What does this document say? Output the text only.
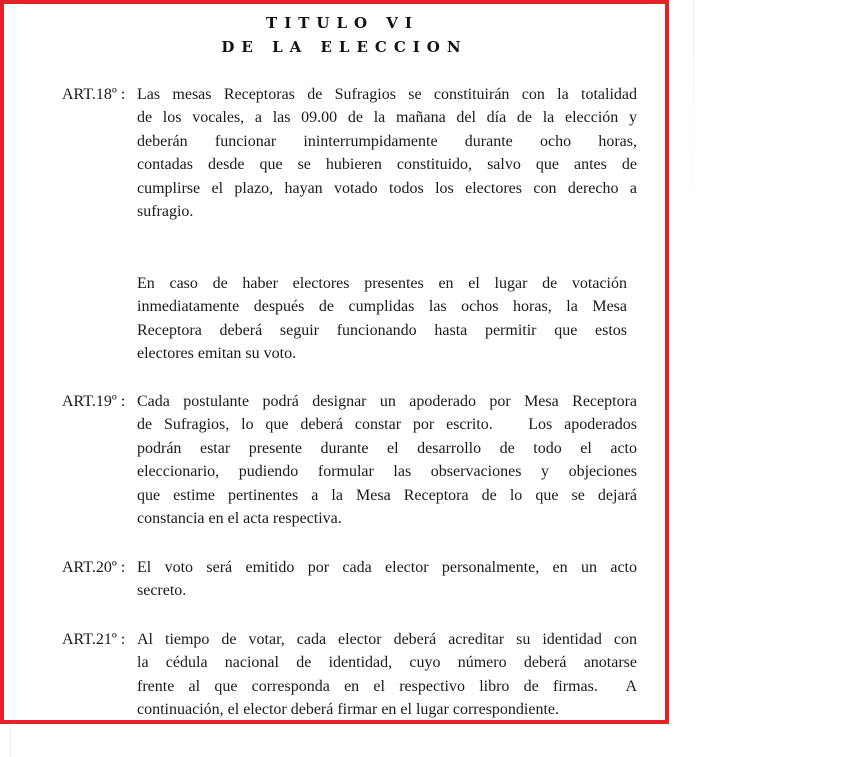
TITULO VI
DE LA ELECCION
ART.18º : Las mesas Receptoras de Sufragios se constituirán con la totalidad
de los vocales, a las 09.00 de la mañana del día de la elección y
deberán funcionar ininterrumpidamente durante ocho horas,
contadas desde que se hubieren constituido, salvo que antes de
cumplirse el plazo, hayan votado todos los electores con derecho a
sufragio.
En caso de haber electores presentes en el lugar de votación
inmediatamente después de cumplidas las ochos horas, la Mesa
Receptora deberá seguir funcionando hasta permitir que estos
electores emitan su voto.
ART.19º : Cada postulante podrá designar un apoderado por Mesa Receptora
de Sufragios, lo que deberá constar por escrito.   Los apoderados
podrán estar presente durante el desarrollo de todo el acto
eleccionario, pudiendo formular las observaciones y objeciones
que estime pertinentes a la Mesa Receptora de lo que se dejará
constancia en el acta respectiva.
ART.20º : El voto será emitido por cada elector personalmente, en un acto
secreto.
ART.21º : Al tiempo de votar, cada elector deberá acreditar su identidad con
la cédula nacional de identidad, cuyo número deberá anotarse
frente al que corresponda en el respectivo libro de firmas.  A
continuación, el elector deberá firmar en el lugar correspondiente.
